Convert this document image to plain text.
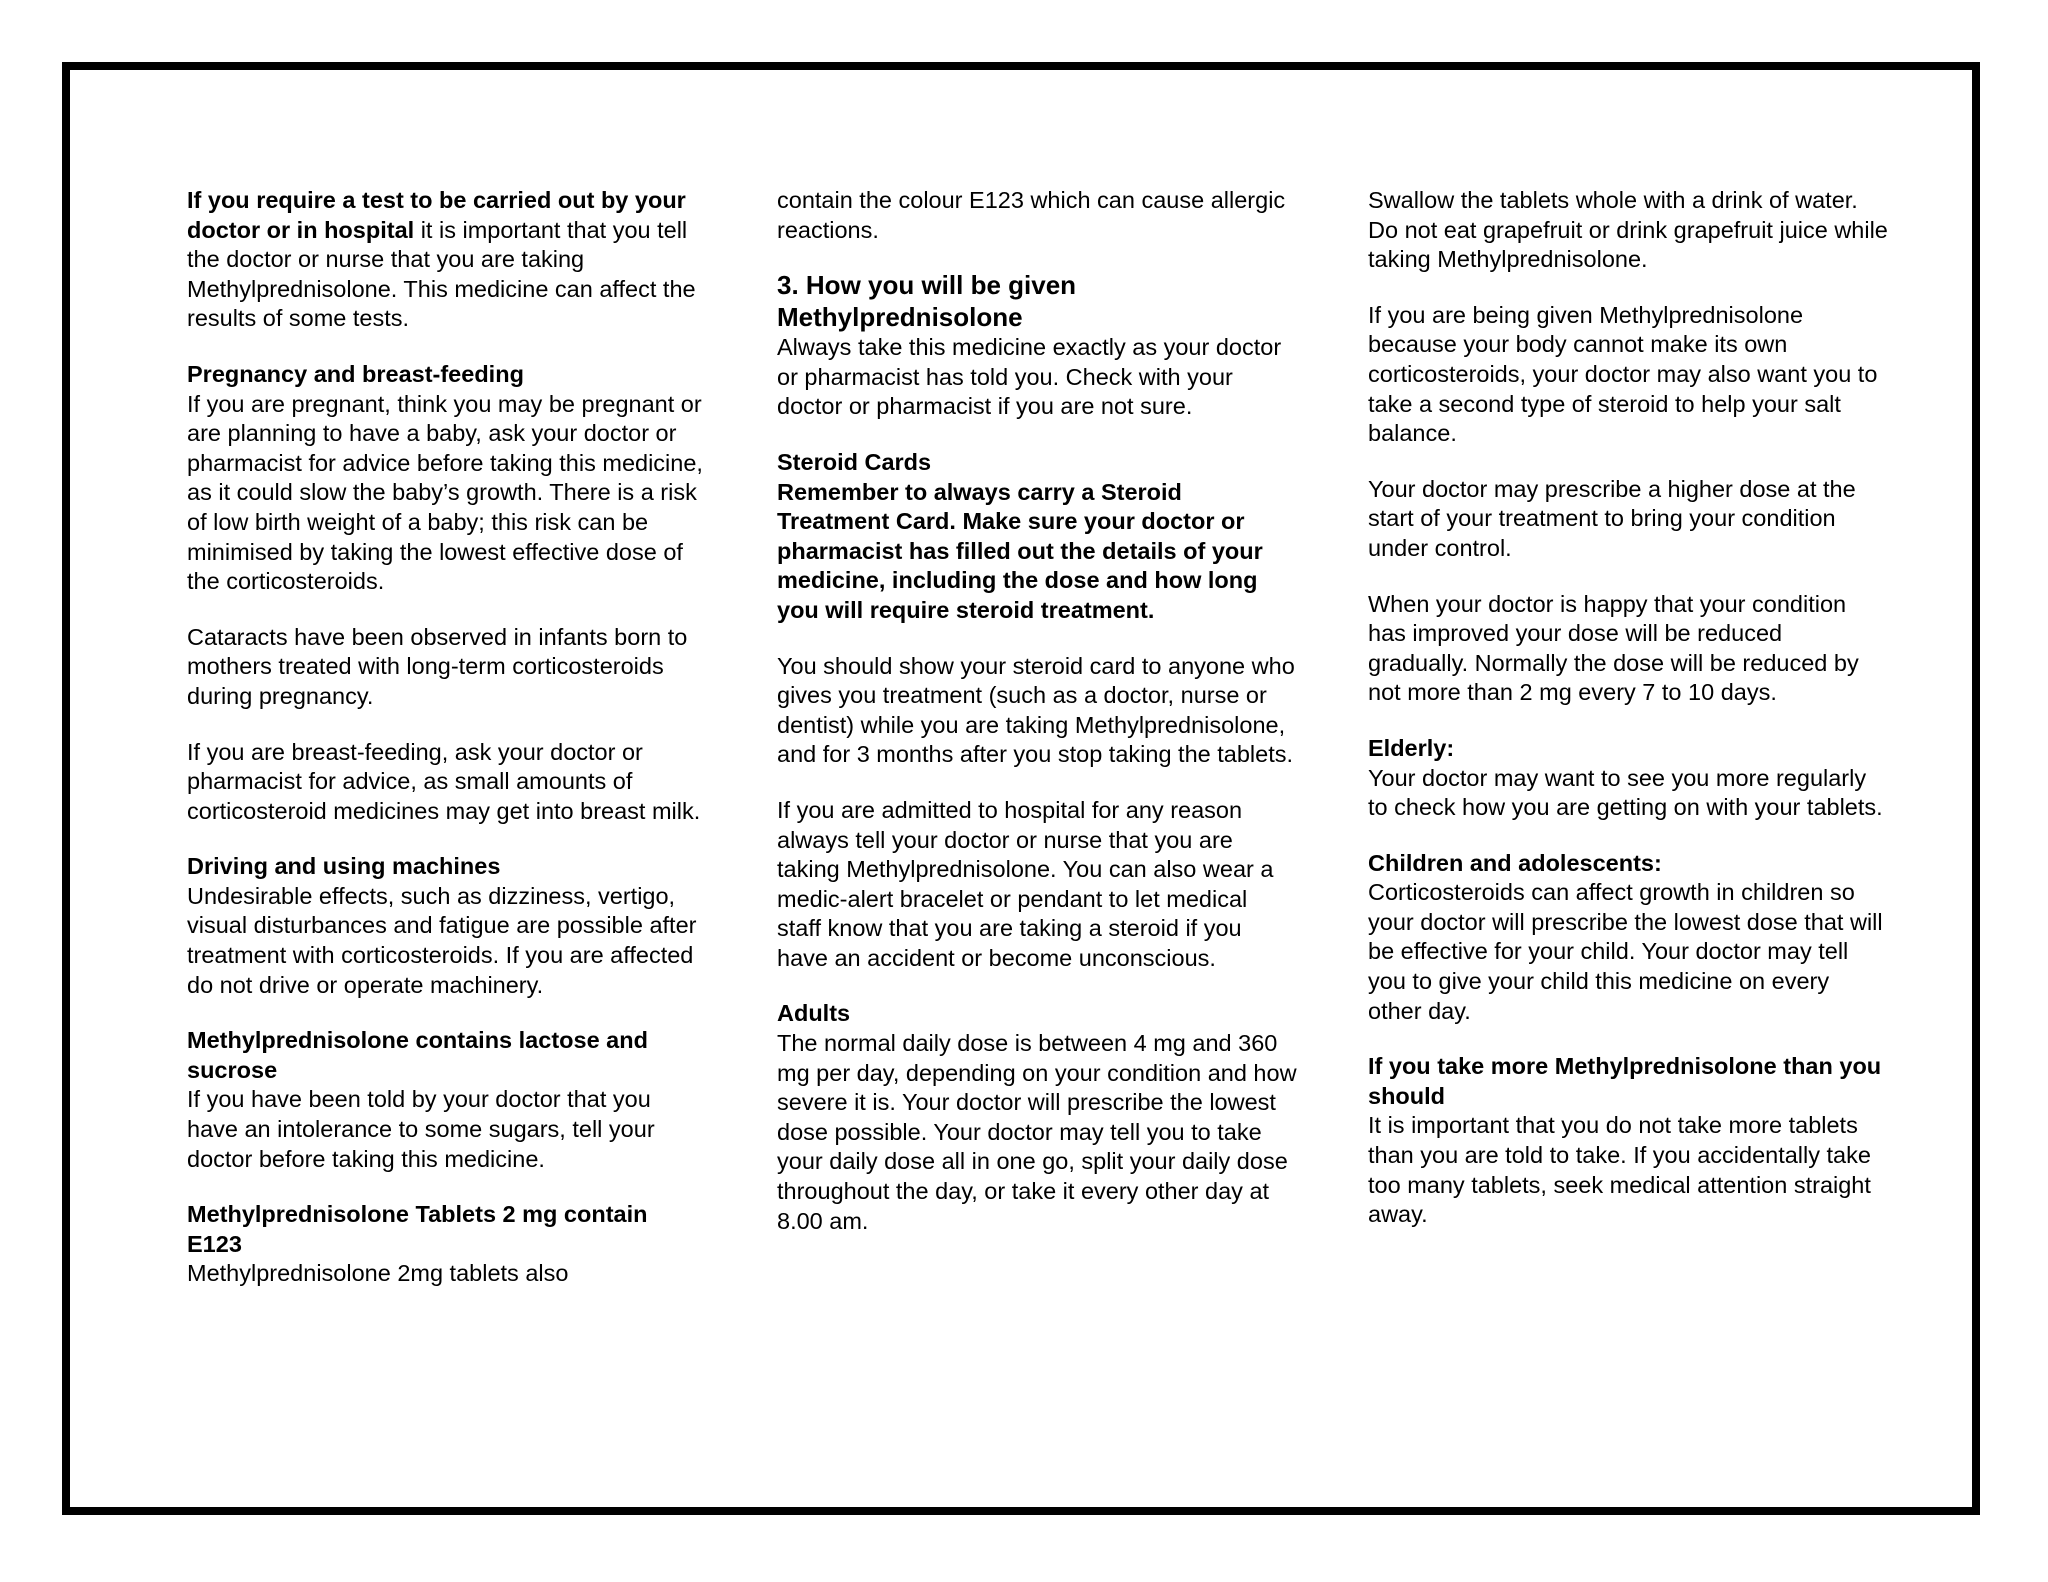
If you require a test to be carried out by your doctor or in hospital it is important that you tell the doctor or nurse that you are taking Methylprednisolone. This medicine can affect the results of some tests.

Pregnancy and breast-feeding
If you are pregnant, think you may be pregnant or are planning to have a baby, ask your doctor or pharmacist for advice before taking this medicine, as it could slow the baby’s growth. There is a risk of low birth weight of a baby; this risk can be minimised by taking the lowest effective dose of the corticosteroids.

Cataracts have been observed in infants born to mothers treated with long-term corticosteroids during pregnancy.

If you are breast-feeding, ask your doctor or pharmacist for advice, as small amounts of corticosteroid medicines may get into breast milk.

Driving and using machines
Undesirable effects, such as dizziness, vertigo, visual disturbances and fatigue are possible after treatment with corticosteroids. If you are affected do not drive or operate machinery.

Methylprednisolone contains lactose and sucrose
If you have been told by your doctor that you have an intolerance to some sugars, tell your doctor before taking this medicine.

Methylprednisolone Tablets 2 mg contain E123
Methylprednisolone 2mg tablets also

contain the colour E123 which can cause allergic reactions.

3. How you will be given Methylprednisolone
Always take this medicine exactly as your doctor or pharmacist has told you. Check with your doctor or pharmacist if you are not sure.

Steroid Cards
Remember to always carry a Steroid Treatment Card. Make sure your doctor or pharmacist has filled out the details of your medicine, including the dose and how long you will require steroid treatment.

You should show your steroid card to anyone who gives you treatment (such as a doctor, nurse or dentist) while you are taking Methylprednisolone, and for 3 months after you stop taking the tablets.

If you are admitted to hospital for any reason always tell your doctor or nurse that you are taking Methylprednisolone. You can also wear a medic-alert bracelet or pendant to let medical staff know that you are taking a steroid if you have an accident or become unconscious.

Adults
The normal daily dose is between 4 mg and 360 mg per day, depending on your condition and how severe it is. Your doctor will prescribe the lowest dose possible. Your doctor may tell you to take your daily dose all in one go, split your daily dose throughout the day, or take it every other day at 8.00 am.

Swallow the tablets whole with a drink of water.
Do not eat grapefruit or drink grapefruit juice while taking Methylprednisolone.

If you are being given Methylprednisolone because your body cannot make its own corticosteroids, your doctor may also want you to take a second type of steroid to help your salt balance.

Your doctor may prescribe a higher dose at the start of your treatment to bring your condition under control.

When your doctor is happy that your condition has improved your dose will be reduced gradually. Normally the dose will be reduced by not more than 2 mg every 7 to 10 days.

Elderly:
Your doctor may want to see you more regularly to check how you are getting on with your tablets.

Children and adolescents:
Corticosteroids can affect growth in children so your doctor will prescribe the lowest dose that will be effective for your child. Your doctor may tell you to give your child this medicine on every other day.

If you take more Methylprednisolone than you should
It is important that you do not take more tablets than you are told to take. If you accidentally take too many tablets, seek medical attention straight away.
